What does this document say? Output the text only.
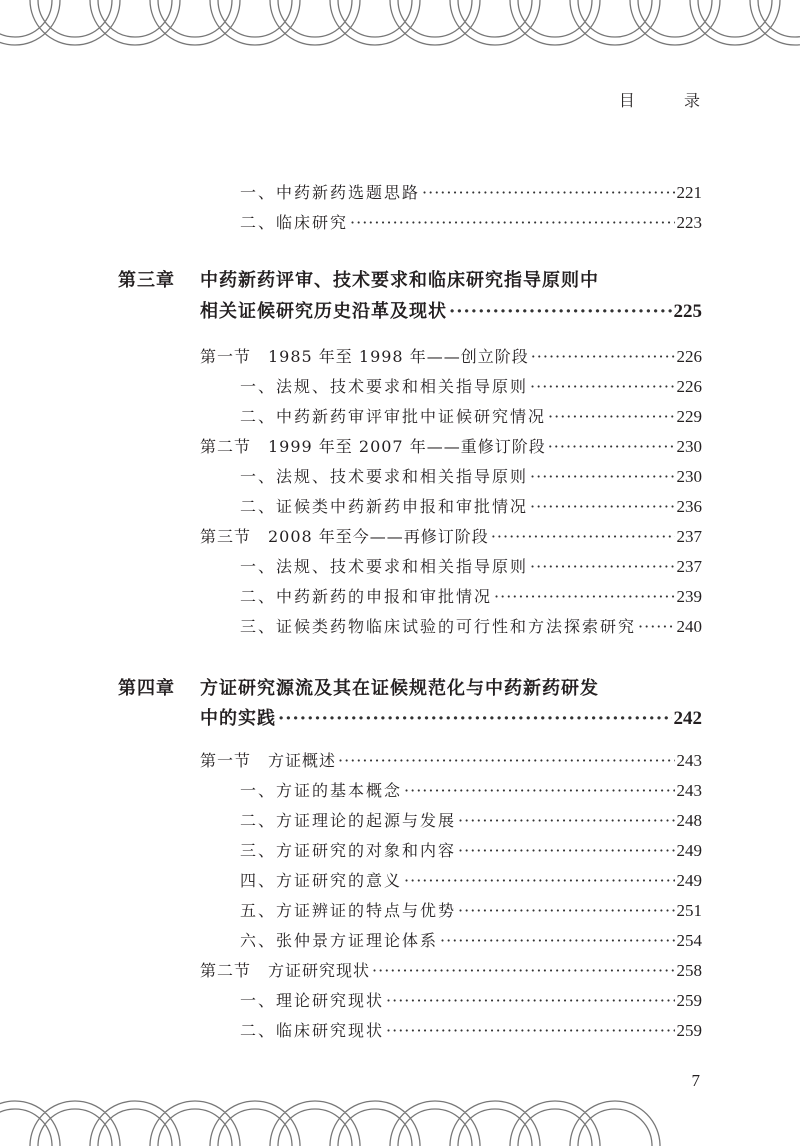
目 录
一、中药新药选题思路 ·····	221
二、临床研究 ·····	223
第三章 中药新药评审、技术要求和临床研究指导原则中
相关证候研究历史沿革及现状 ·····	225
第一节　1985 年至 1998 年——创立阶段 ·····	226
一、法规、技术要求和相关指导原则 ·····	226
二、中药新药审评审批中证候研究情况 ·····	229
第二节　1999 年至 2007 年——重修订阶段 ·····	230
一、法规、技术要求和相关指导原则 ·····	230
二、证候类中药新药申报和审批情况 ·····	236
第三节　2008 年至今——再修订阶段 ·····	237
一、法规、技术要求和相关指导原则 ·····	237
二、中药新药的申报和审批情况 ·····	239
三、证候类药物临床试验的可行性和方法探索研究 ····· 240
第四章 方证研究源流及其在证候规范化与中药新药研发
中的实践 ·····	242
第一节　方证概述 ·····	243
一、方证的基本概念 ·····	243
二、方证理论的起源与发展 ·····	248
三、方证研究的对象和内容 ·····	249
四、方证研究的意义 ·····	249
五、方证辨证的特点与优势 ·····	251
六、张仲景方证理论体系 ·····	254
第二节　方证研究现状 ·····	258
一、理论研究现状 ·····	259
二、临床研究现状 ·····	259
7
